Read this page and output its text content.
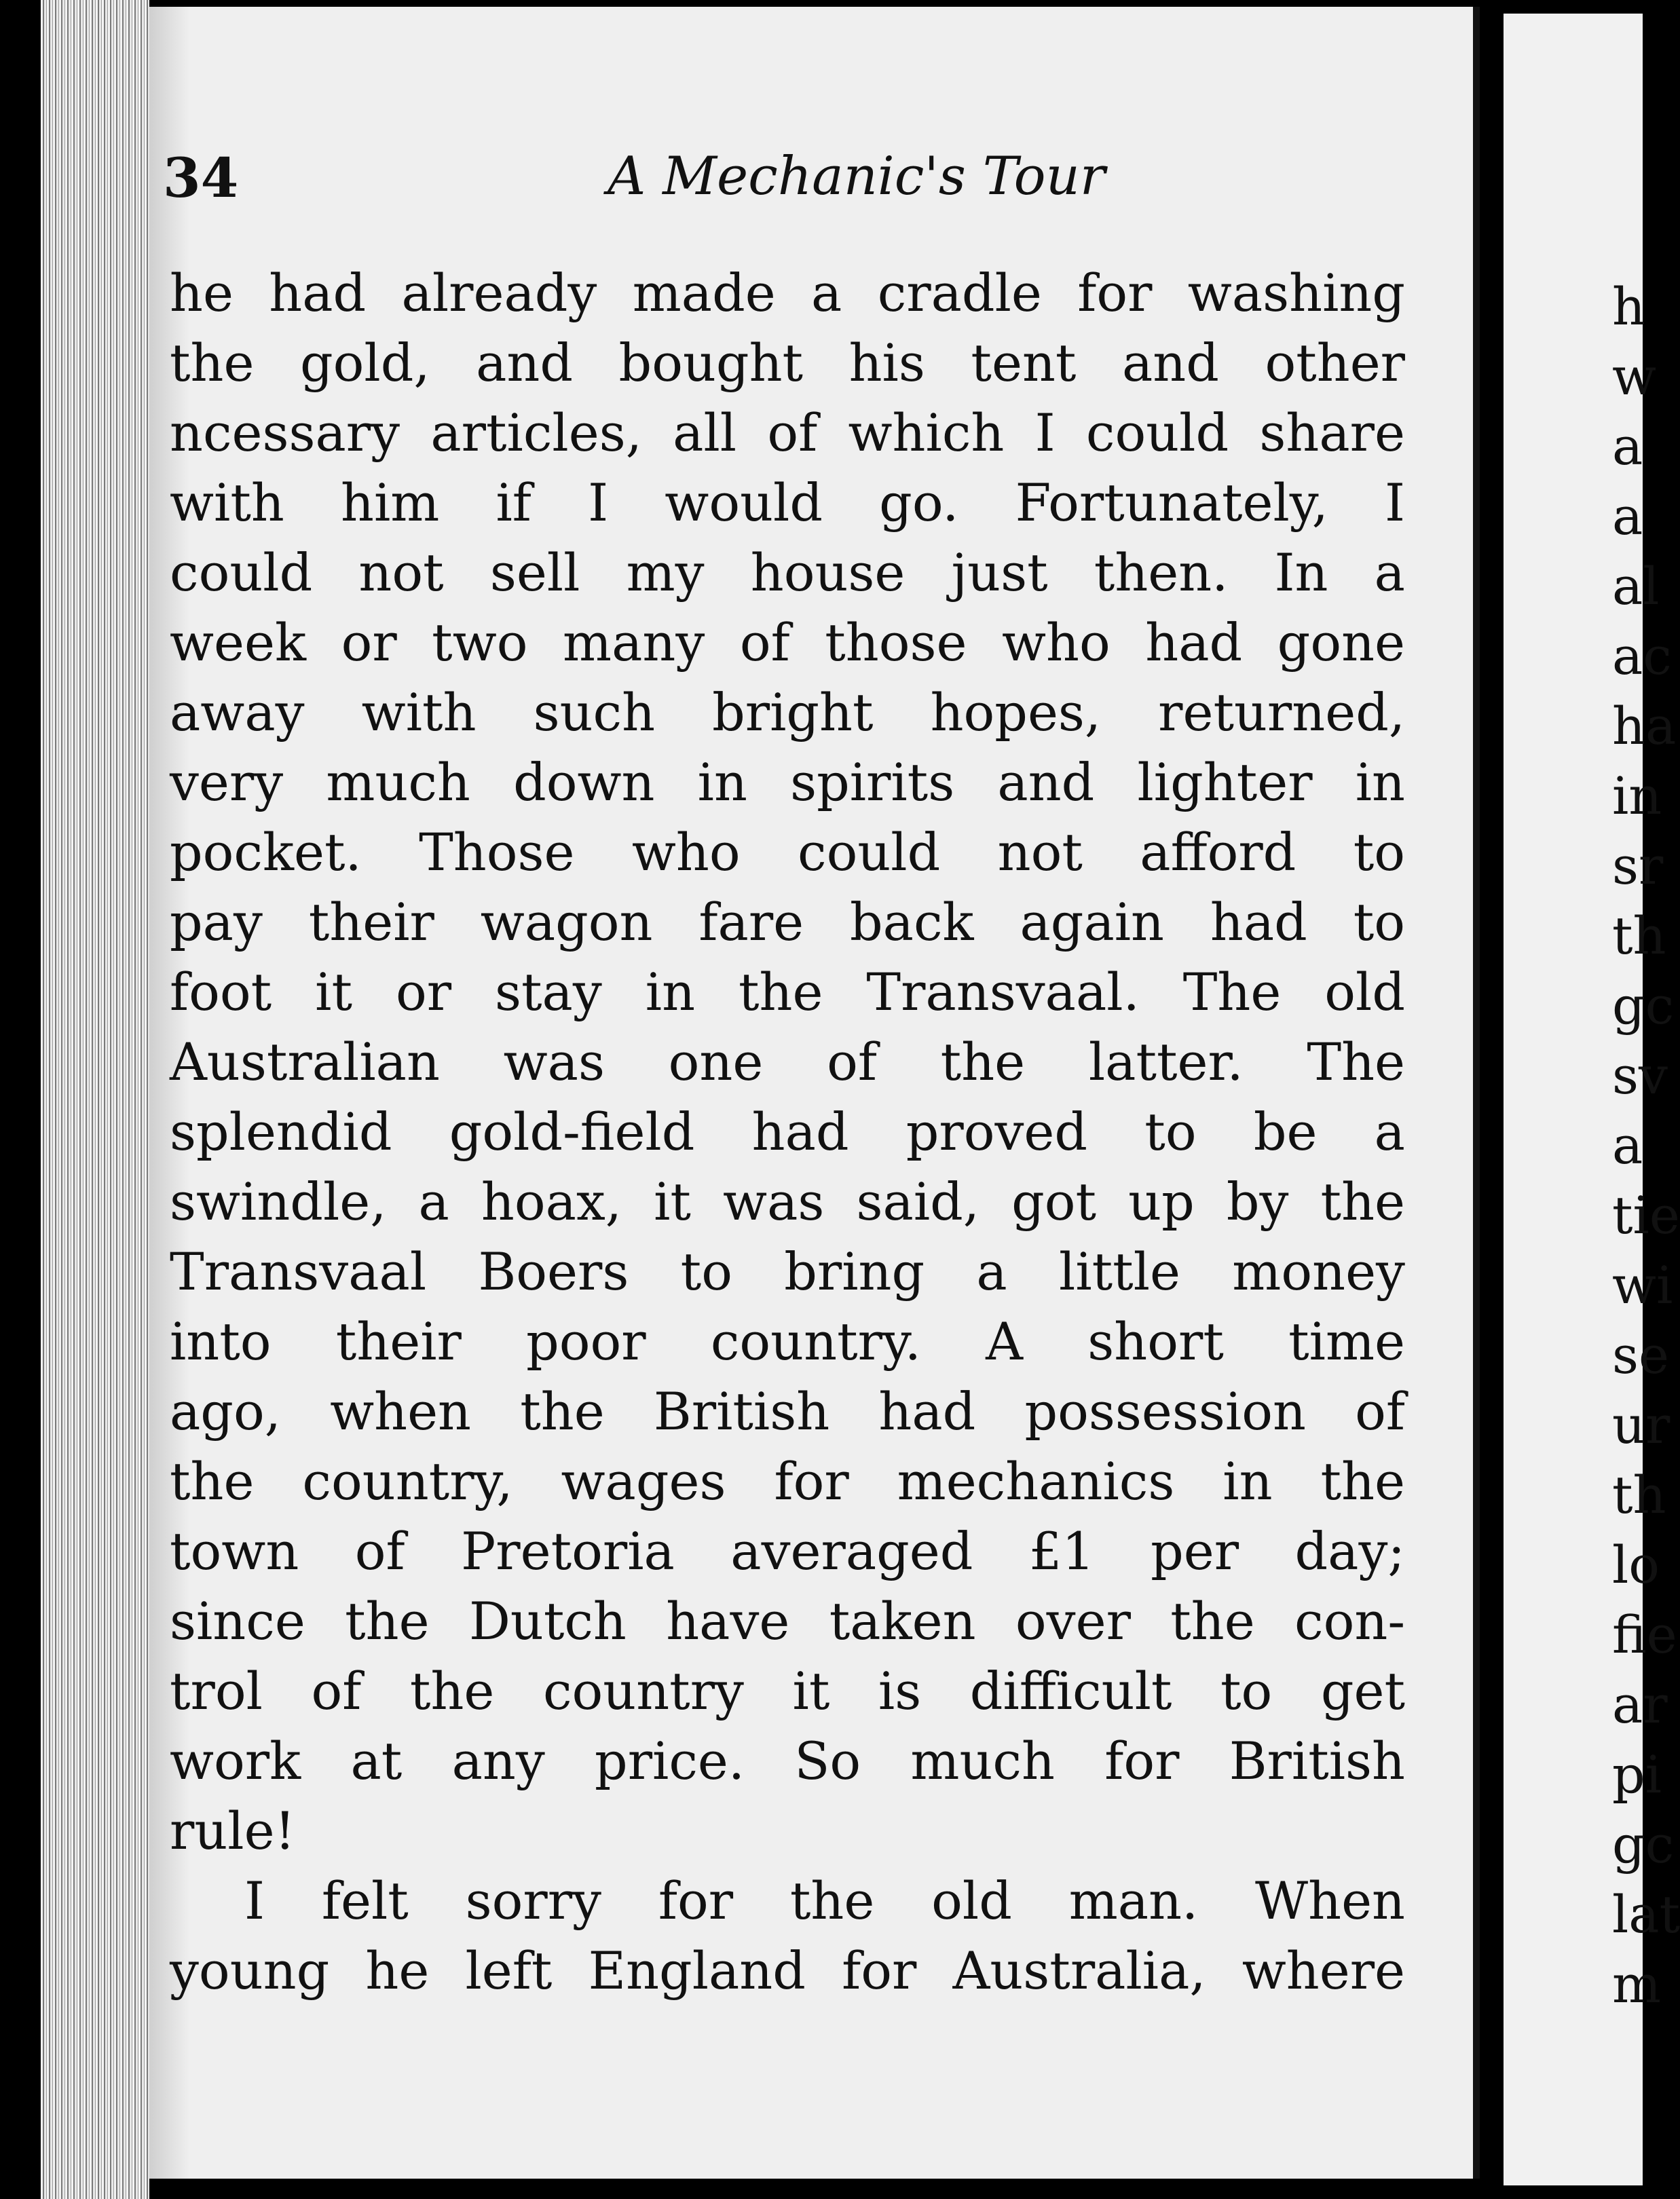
34	A Mechanic's Tour
he had already made a cradle for washing
the gold, and bought his tent and other
ncessary articles, all of which I could share
with him if I would go. Fortunately, I
could not sell my house just then. In a
week or two many of those who had gone
away with such bright hopes, returned,
very much down in spirits and lighter in
pocket. Those who could not afford to
pay their wagon fare back again had to
foot it or stay in the Transvaal. The old
Australian was one of the latter. The
splendid gold-field had proved to be a
swindle, a hoax, it was said, got up by the
Transvaal Boers to bring a little money
into their poor country. A short time
ago, when the British had possession of
the country, wages for mechanics in the
town of Pretoria averaged £1 per day;
since the Dutch have taken over the con-
trol of the country it is difficult to get
work at any price. So much for British
rule!
I felt sorry for the old man. When
young he left England for Australia, where
h
w
a
a
al
ac
ha
in
sr
th
gc
sv
a
tie
wi
se
ur
th
lo
fie
ar
pi
gc
lat
m
